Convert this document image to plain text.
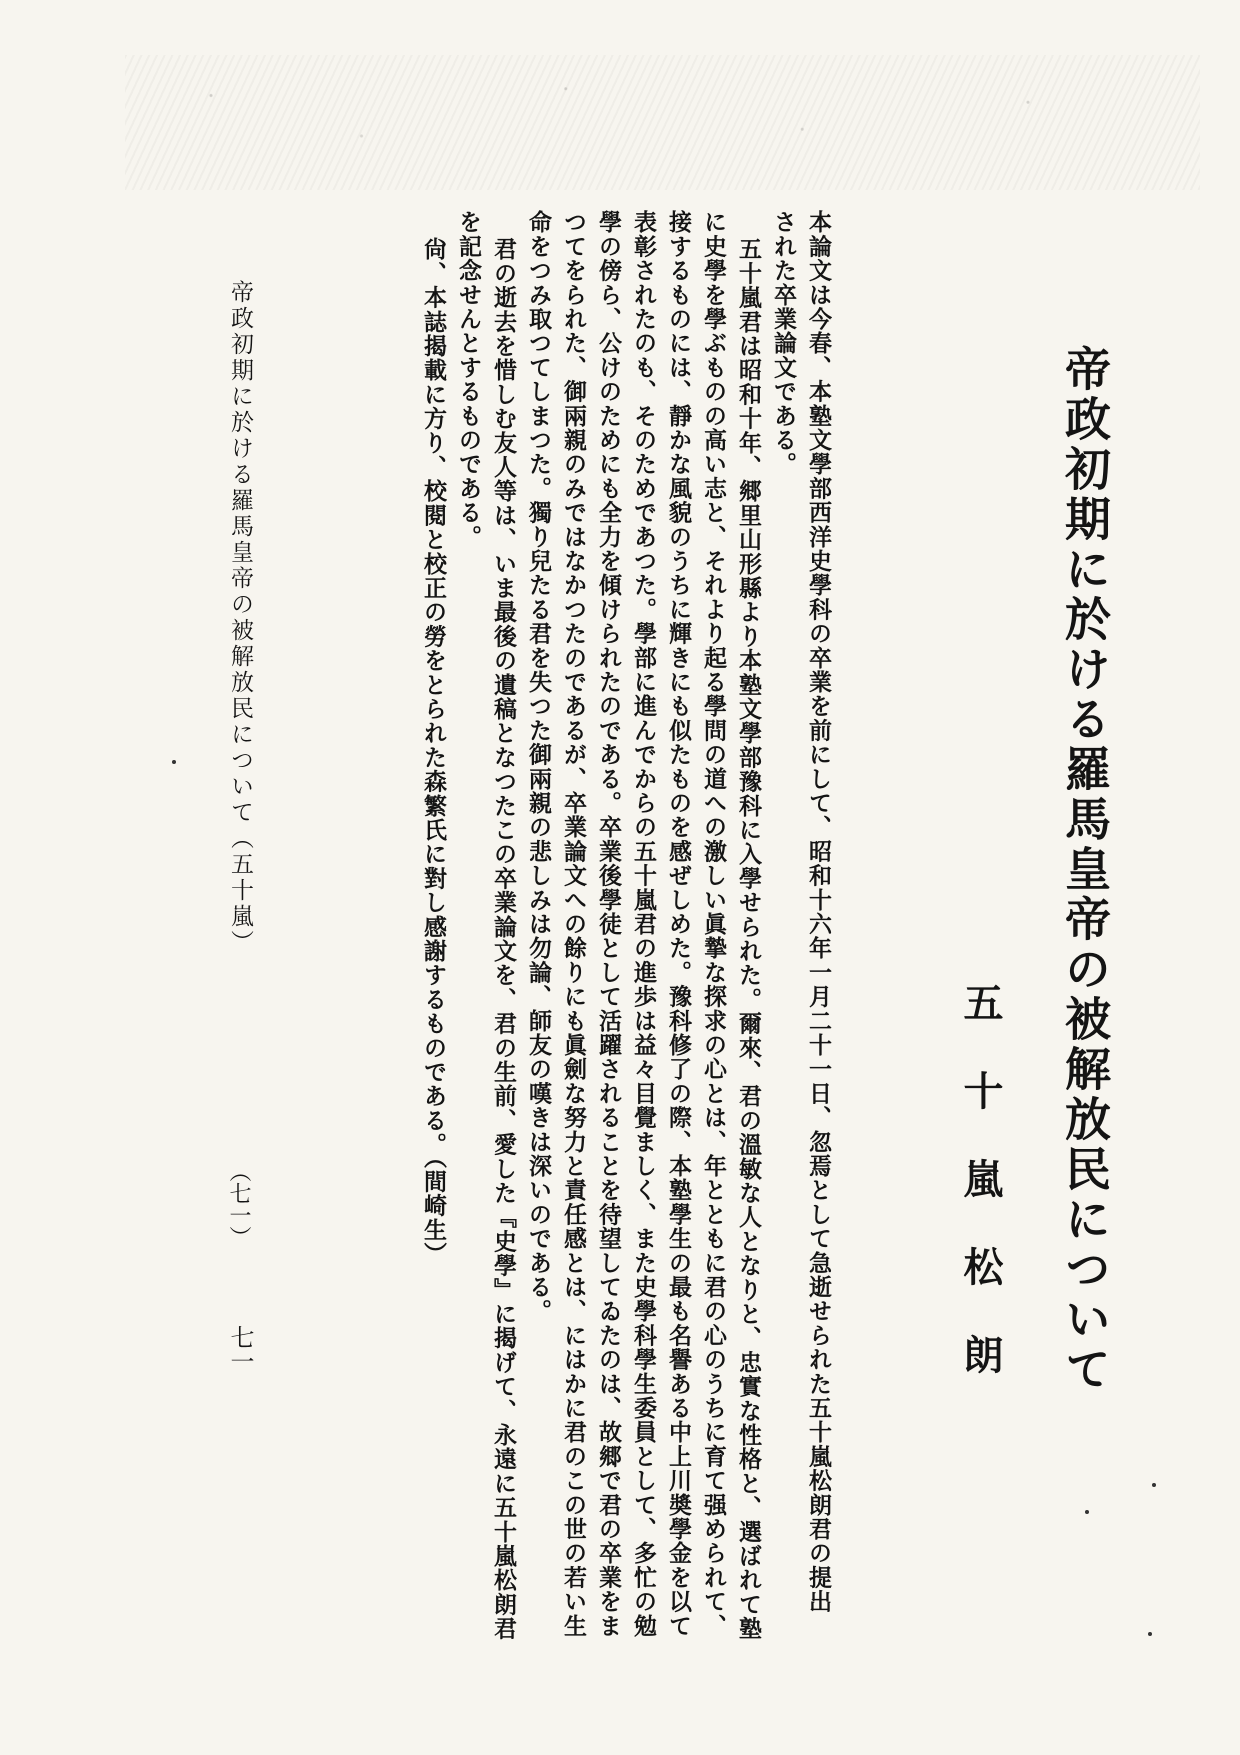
帝政初期に於ける羅馬皇帝の被解放民について
五十嵐松朗
本論文は今春、本塾文學部西洋史學科の卒業を前にして、昭和十六年一月二十一日、忽焉として急逝せられた五十嵐松朗君の提出
された卒業論文である。
五十嵐君は昭和十年、郷里山形縣より本塾文學部豫科に入學せられた。爾來、君の溫敏な人となりと、忠實な性格と、選ばれて塾
に史學を學ぶものの高い志と、それより起る學問の道への激しい眞摯な探求の心とは、年とともに君の心のうちに育て强められて、
接するものには、靜かな風貌のうちに輝きにも似たものを感ぜしめた。豫科修了の際、本塾學生の最も名譽ある中上川奬學金を以て
表彰されたのも、そのためであつた。學部に進んでからの五十嵐君の進歩は益々目覺ましく、また史學科學生委員として、多忙の勉
學の傍ら、公けのためにも全力を傾けられたのである。卒業後學徒として活躍されることを待望してゐたのは、故郷で君の卒業をま
つてをられた、御兩親のみではなかつたのであるが、卒業論文への餘りにも眞劍な努力と責任感とは、にはかに君のこの世の若い生
命をつみ取つてしまつた。獨り兒たる君を失つた御兩親の悲しみは勿論、師友の嘆きは深いのである。
君の逝去を惜しむ友人等は、いま最後の遺稿となつたこの卒業論文を、君の生前、愛した『史學』に揭げて、永遠に五十嵐松朗君
を記念せんとするものである。
尙、本誌揭載に方り、校閱と校正の勞をとられた森繁氏に對し感謝するものである。（間崎生）
帝政初期に於ける羅馬皇帝の被解放民について（五十嵐）
（七一）
七一
